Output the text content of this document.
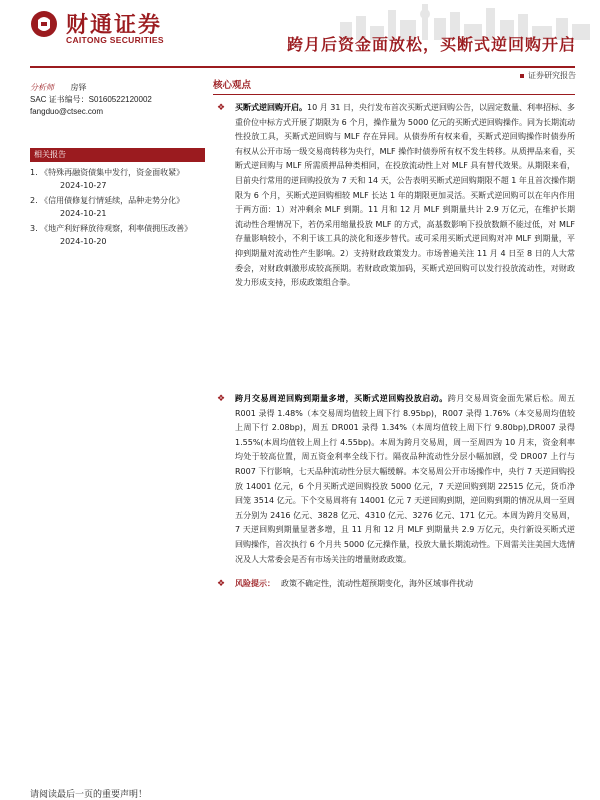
财通证券
CAITONG SECURITIES	跨月后资金面放松，买断式逆回购开启
证券研究报告
分析师 房铎
SAC 证书编号：S0160522120002
fangduo@ctsec.com
相关报告
1. 《特殊再融资债集中发行，资金面收紧》
2024-10-27
2. 《信用债修复行情延续，品种走势分化》
2024-10-21
3. 《地产利好释放待观察，利率债拥压改善》
2024-10-20
核心观点
❖ 买断式逆回购开启。10 月 31 日，央行发布首次买断式逆回购公告，以固定数量、利率招标、多重价位中标方式开展了期限为 6 个月，操作量为 5000 亿元的买断式逆回购操作。同为长期流动性投放工具，买断式逆回购与 MLF 存在异同。从债券所有权来看，买断式逆回购操作时债券所有权从公开市场一级交易商转移为央行，MLF 操作时债券所有权不发生转移。从质押品来看，买断式逆回购与 MLF 所需质押品种类相同，在投放流动性上对 MLF 具有替代效果。从期限来看，目前央行常用的逆回购投放为 7 天和 14 天，公告表明买断式逆回购期限不超 1 年且首次操作期限为 6 个月，买断式逆回购相较 MLF 长达 1 年的期限更加灵活。买断式逆回购可以在年内作用于两方面：1）对冲剩余 MLF 到期。11 月和 12 月 MLF 到期量共计 2.9 万亿元，在维护长期流动性合理情况下，若仍采用缩量投放 MLF 的方式，高基数影响下投放数额不能过低，对 MLF 存量影响较小，不利于该工具的淡化和逐步替代。或可采用买断式逆回购对冲 MLF 到期量，平抑到期量对流动性产生影响。2）支持财政政策发力。市场普遍关注 11 月 4 日至 8 日的人大常委会，对财政刺激形成较高预期。若财政政策加码，买断式逆回购可以发行投放流动性，对财政发力形成支持，形成政策组合拳。
❖ 跨月交易周逆回购到期量多增，买断式逆回购投放启动。跨月交易周资金面先紧后松。周五 R001 录得 1.48%（本交易周均值较上周下行 8.95bp)，R007 录得 1.76%（本交易周均值较上周下行 2.08bp)，周五 DR001 录得 1.34%（本周均值较上周下行 9.80bp),DR007 录得 1.55%(本周均值较上周上行 4.55bp)。本周为跨月交易周，周一至周四为 10 月末，资金利率均处于较高位置，周五资金利率全线下行。隔夜品种流动性分层小幅加剧，受 DR007 上行与 R007 下行影响，七天品种流动性分层大幅缓解。本交易周公开市场操作中，央行 7 天逆回购投放 14001 亿元，6 个月买断式逆回购投放 5000 亿元，7 天逆回购到期 22515 亿元，货币净回笼 3514 亿元。下个交易周将有 14001 亿元 7 天逆回购到期，逆回购到期的情况从周一至周五分别为 2416 亿元、3828 亿元、4310 亿元、3276 亿元、171 亿元。本周为跨月交易周，7 天逆回购到期量显著多增，且 11 月和 12 月 MLF 到期量共 2.9 万亿元，央行新设买断式逆回购操作，首次执行 6 个月共 5000 亿元操作量，投放大量长期流动性。下周需关注美国大选情况及人大常委会是否有市场关注的增量财政政策。
❖ 风险提示： 政策不确定性，流动性超预期变化，海外区域事件扰动
请阅读最后一页的重要声明！
